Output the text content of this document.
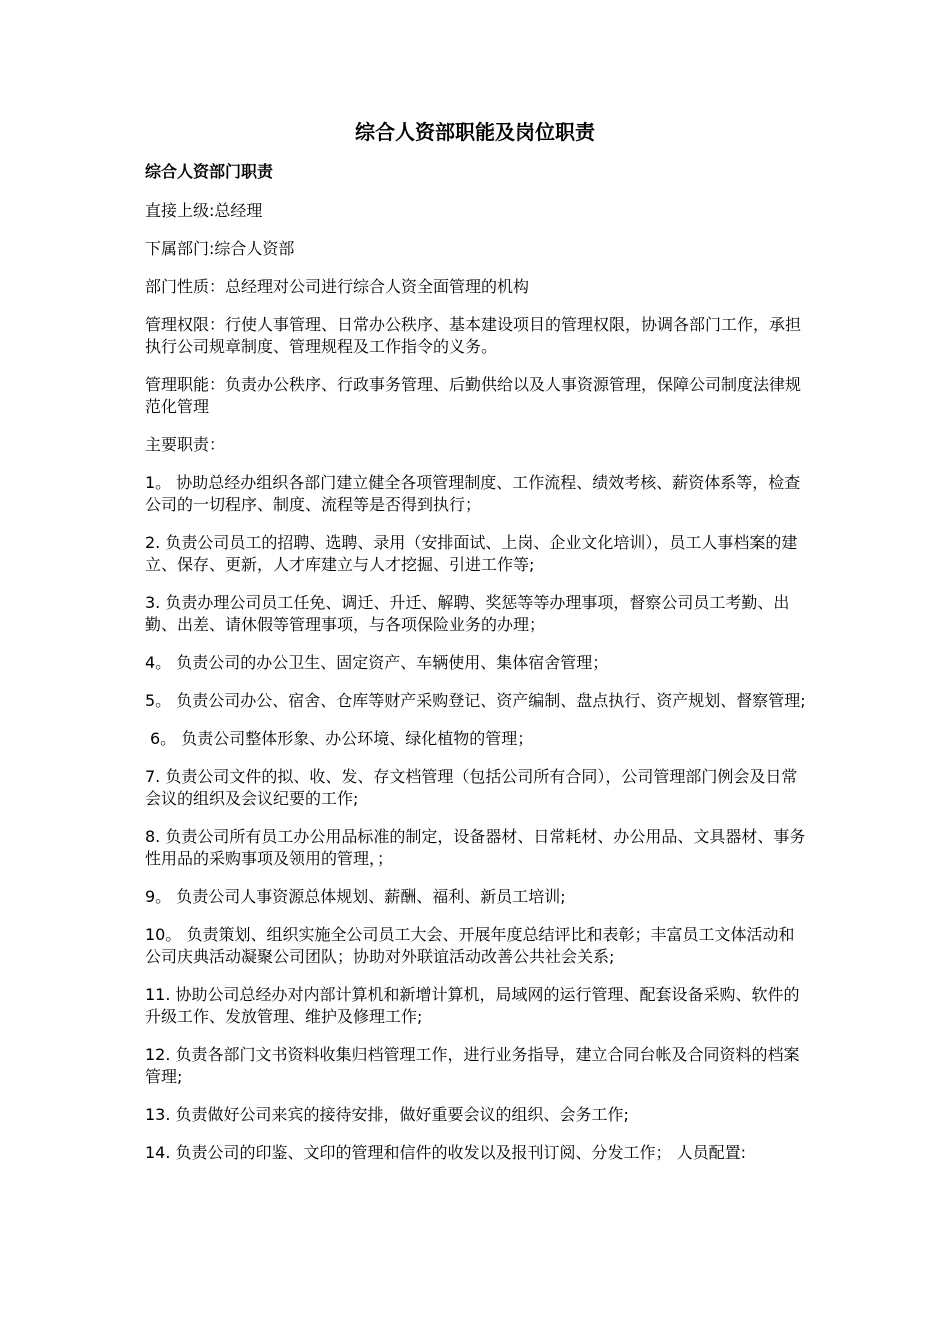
综合人资部职能及岗位职责

综合人资部门职责

直接上级:总经理

下属部门:综合人资部

部门性质：总经理对公司进行综合人资全面管理的机构

管理权限：行使人事管理、日常办公秩序、基本建设项目的管理权限，协调各部门工作，承担执行公司规章制度、管理规程及工作指令的义务。

管理职能：负责办公秩序、行政事务管理、后勤供给以及人事资源管理，保障公司制度法律规范化管理

主要职责：

1。 协助总经办组织各部门建立健全各项管理制度、工作流程、绩效考核、薪资体系等，检查公司的一切程序、制度、流程等是否得到执行；

2. 负责公司员工的招聘、选聘、录用（安排面试、上岗、企业文化培训），员工人事档案的建立、保存、更新，人才库建立与人才挖掘、引进工作等;

3. 负责办理公司员工任免、调迁、升迁、解聘、奖惩等等办理事项，督察公司员工考勤、出勤、出差、请休假等管理事项，与各项保险业务的办理；

4。 负责公司的办公卫生、固定资产、车辆使用、集体宿舍管理；

5。 负责公司办公、宿舍、仓库等财产采购登记、资产编制、盘点执行、资产规划、督察管理;

6。 负责公司整体形象、办公环境、绿化植物的管理；

7. 负责公司文件的拟、收、发、存文档管理（包括公司所有合同），公司管理部门例会及日常会议的组织及会议纪要的工作;

8. 负责公司所有员工办公用品标准的制定，设备器材、日常耗材、办公用品、文具器材、事务性用品的采购事项及领用的管理，；

9。 负责公司人事资源总体规划、薪酬、福利、新员工培训;

10。 负责策划、组织实施全公司员工大会、开展年度总结评比和表彰；丰富员工文体活动和公司庆典活动凝聚公司团队；协助对外联谊活动改善公共社会关系;

11. 协助公司总经办对内部计算机和新增计算机，局域网的运行管理、配套设备采购、软件的升级工作、发放管理、维护及修理工作;

12. 负责各部门文书资料收集归档管理工作，进行业务指导，建立合同台帐及合同资料的档案管理;

13. 负责做好公司来宾的接待安排，做好重要会议的组织、会务工作;

14. 负责公司的印鉴、文印的管理和信件的收发以及报刊订阅、分发工作； 人员配置:
